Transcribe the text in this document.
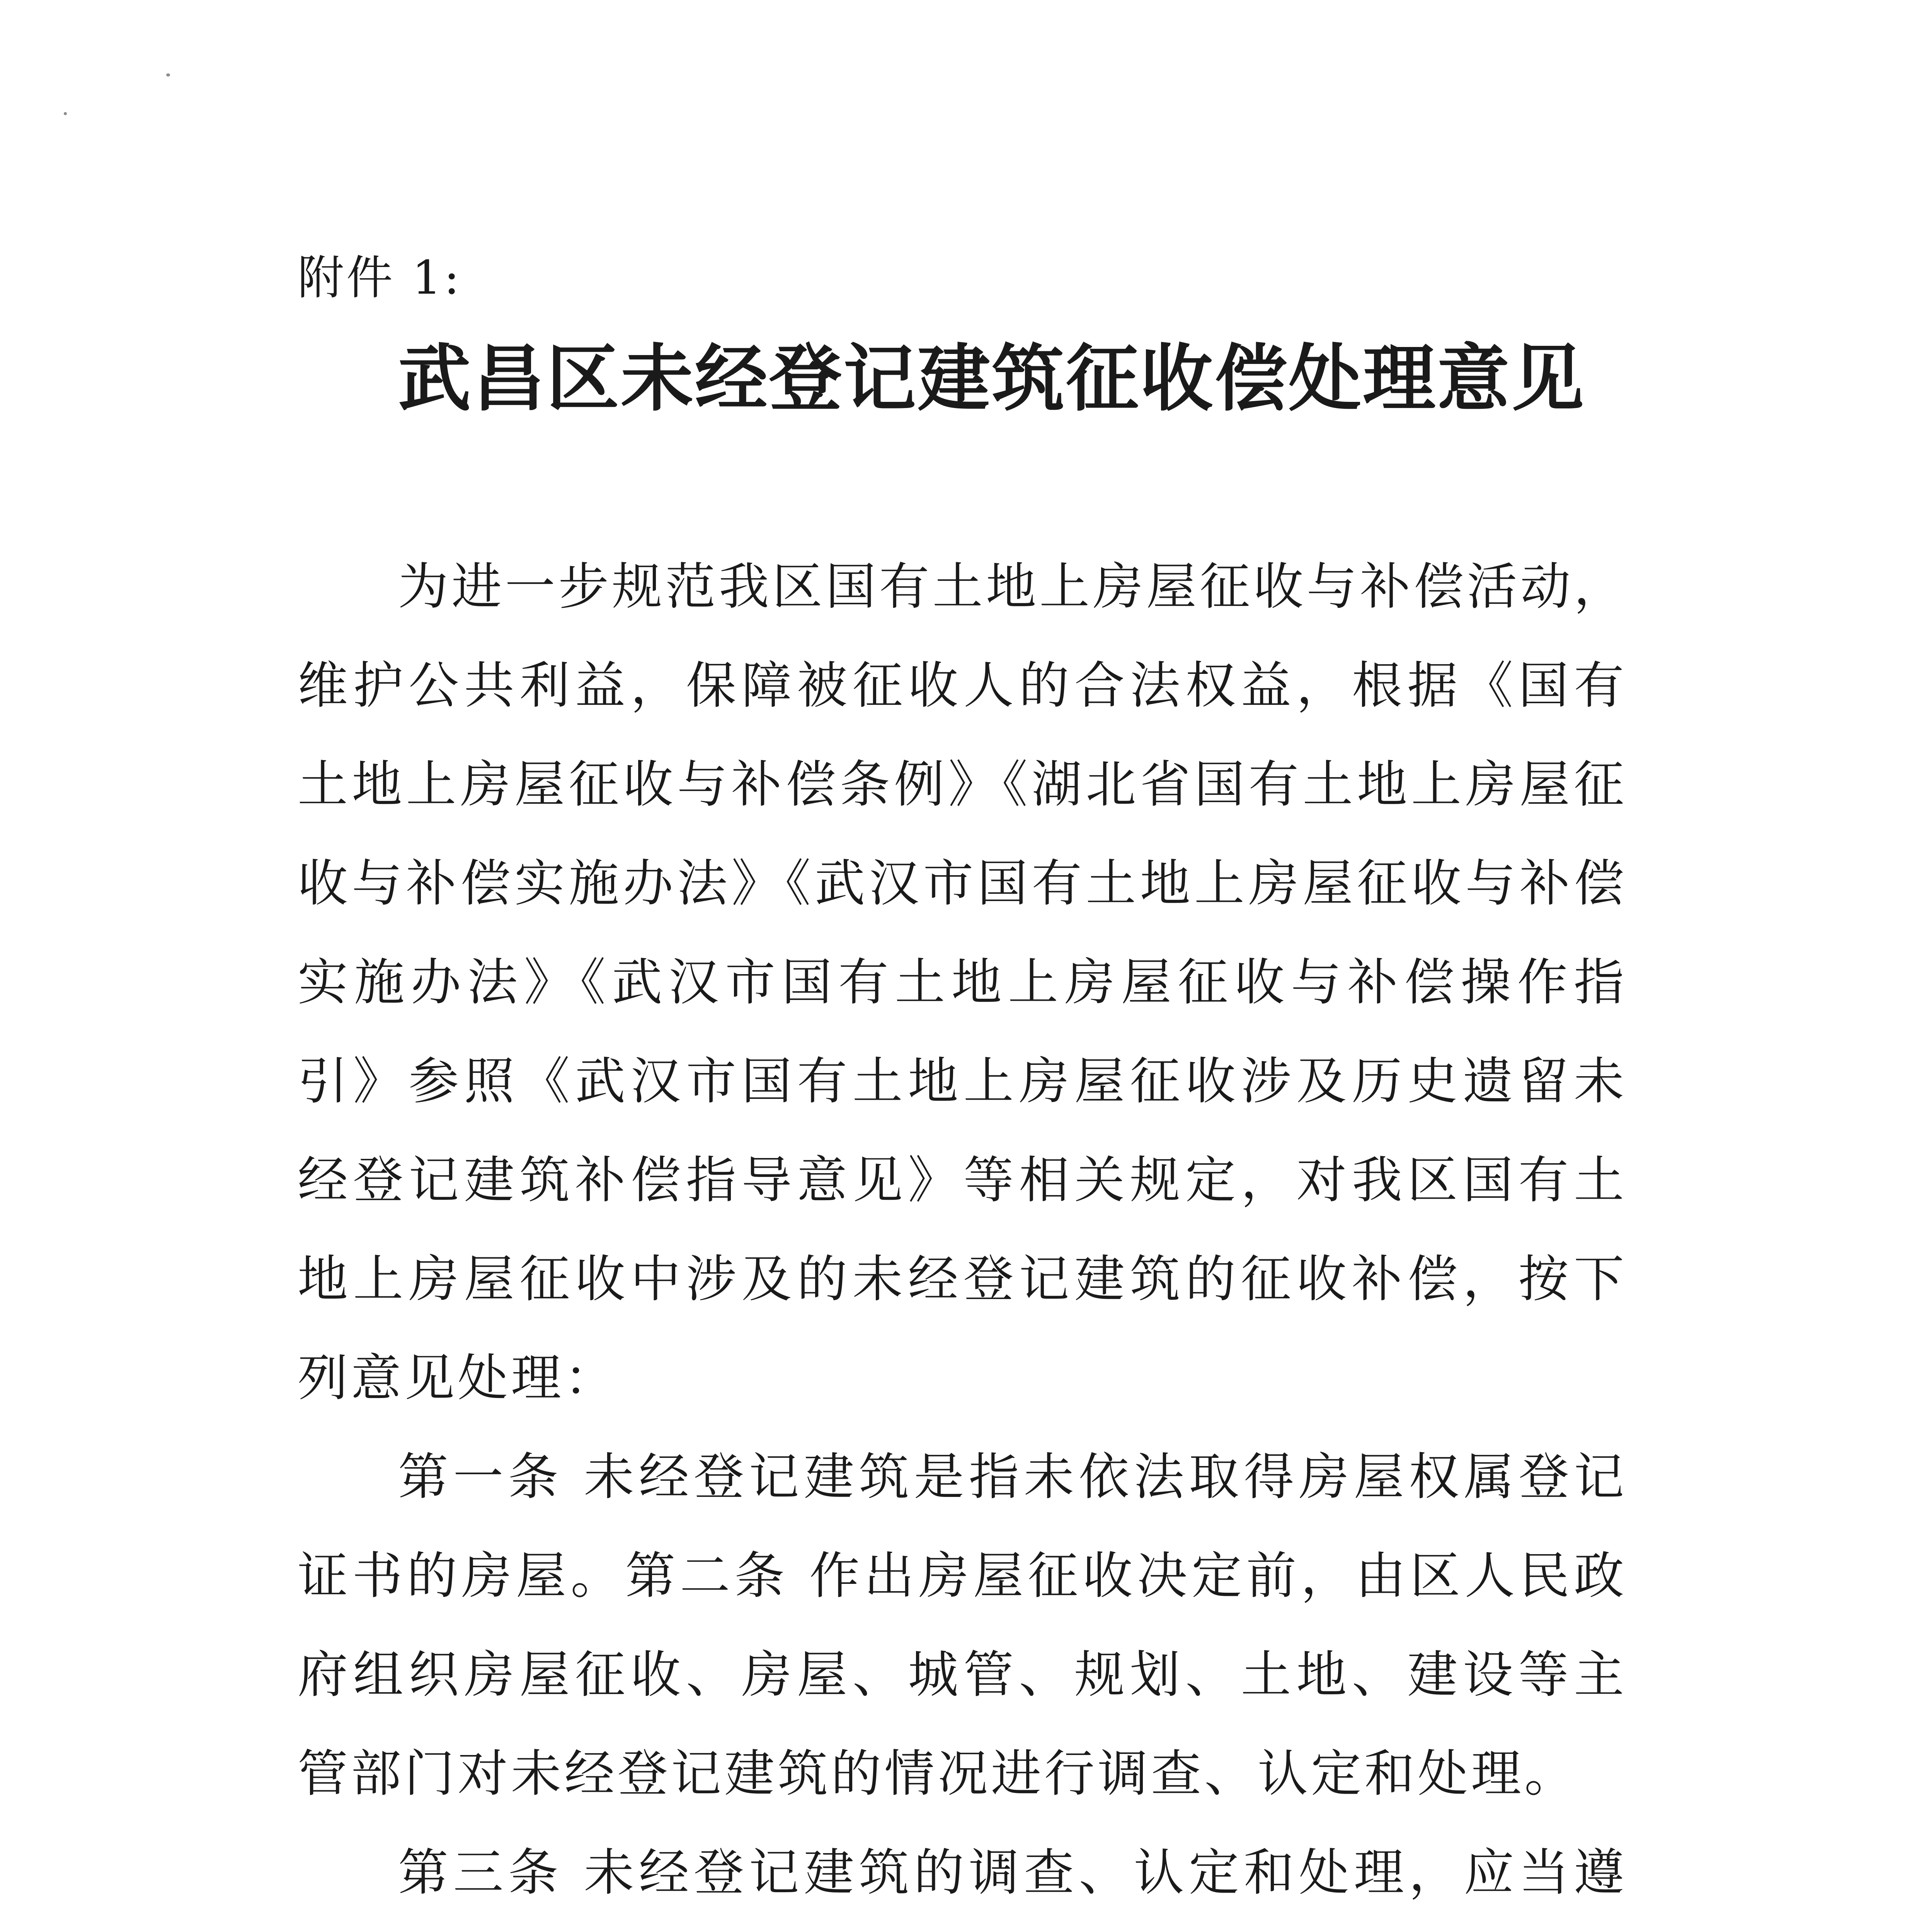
附件 1:
武昌区未经登记建筑征收偿处理意见

为进一步规范我区国有土地上房屋征收与补偿活动，维护公共利益，保障被征收人的合法权益，根据《国有土地上房屋征收与补偿条例》《湖北省国有土地上房屋征收与补偿实施办法》《武汉市国有土地上房屋征收与补偿实施办法》《武汉市国有土地上房屋征收与补偿操作指引》参照《武汉市国有土地上房屋征收涉及历史遗留未经登记建筑补偿指导意见》等相关规定，对我区国有土地上房屋征收中涉及的未经登记建筑的征收补偿，按下列意见处理：

第一条 未经登记建筑是指未依法取得房屋权属登记证书的房屋。第二条 作出房屋征收决定前，由区人民政府组织房屋征收、房屋、城管、规划、土地、建设等主管部门对未经登记建筑的情况进行调查、认定和处理。

第三条 未经登记建筑的调查、认定和处理，应当遵
